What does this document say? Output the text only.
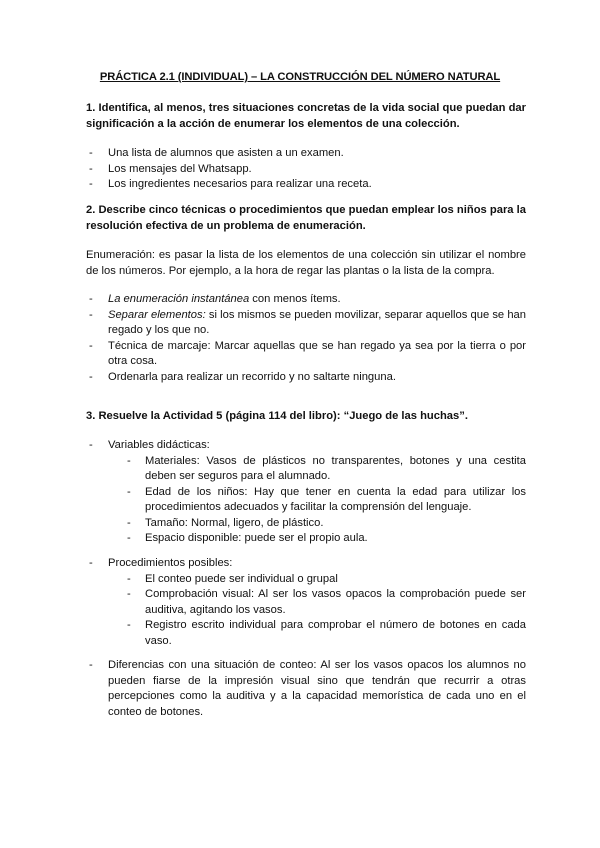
PRÁCTICA 2.1 (INDIVIDUAL) – LA CONSTRUCCIÓN DEL NÚMERO NATURAL
1. Identifica, al menos, tres situaciones concretas de la vida social que puedan dar significación a la acción de enumerar los elementos de una colección.
- Una lista de alumnos que asisten a un examen.
- Los mensajes del Whatsapp.
- Los ingredientes necesarios para realizar una receta.
2. Describe cinco técnicas o procedimientos que puedan emplear los niños para la resolución efectiva de un problema de enumeración.
Enumeración: es pasar la lista de los elementos de una colección sin utilizar el nombre de los números. Por ejemplo, a la hora de regar las plantas o la lista de la compra.
- La enumeración instantánea con menos ítems.
- Separar elementos: si los mismos se pueden movilizar, separar aquellos que se han regado y los que no.
- Técnica de marcaje: Marcar aquellas que se han regado ya sea por la tierra o por otra cosa.
- Ordenarla para realizar un recorrido y no saltarte ninguna.
3. Resuelve la Actividad 5 (página 114 del libro): “Juego de las huchas”.
- Variables didácticas:
- Materiales: Vasos de plásticos no transparentes, botones y una cestita deben ser seguros para el alumnado.
- Edad de los niños: Hay que tener en cuenta la edad para utilizar los procedimientos adecuados y facilitar la comprensión del lenguaje.
- Tamaño: Normal, ligero, de plástico.
- Espacio disponible: puede ser el propio aula.
- Procedimientos posibles:
- El conteo puede ser individual o grupal
- Comprobación visual: Al ser los vasos opacos la comprobación puede ser auditiva, agitando los vasos.
- Registro escrito individual para comprobar el número de botones en cada vaso.
- Diferencias con una situación de conteo: Al ser los vasos opacos los alumnos no pueden fiarse de la impresión visual sino que tendrán que recurrir a otras percepciones como la auditiva y a la capacidad memorística de cada uno en el conteo de botones.
